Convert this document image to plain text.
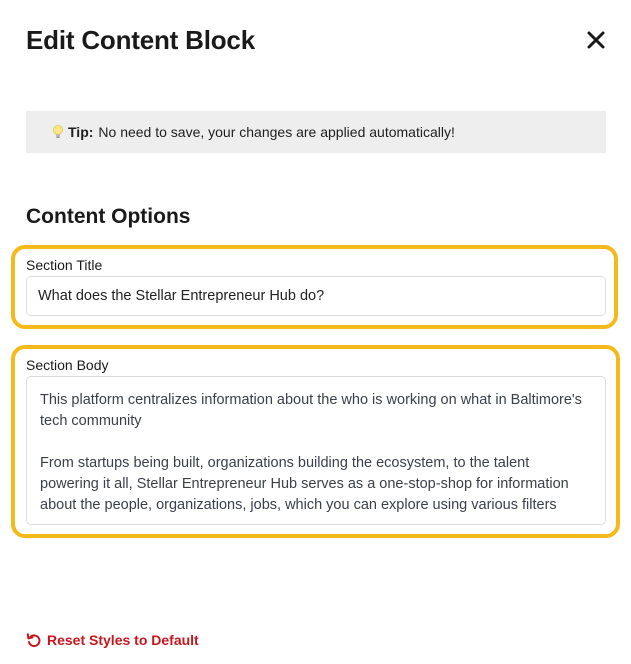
Edit Content Block
Tip: No need to save, your changes are applied automatically!
Content Options
Section Title
What does the Stellar Entrepreneur Hub do?
Section Body

This platform centralizes information about the who is working on what in Baltimore's tech community

From startups being built, organizations building the ecosystem, to the talent powering it all, Stellar Entrepreneur Hub serves as a one-stop-shop for information about the people, organizations, jobs, which you can explore using various filters

Reset Styles to Default
